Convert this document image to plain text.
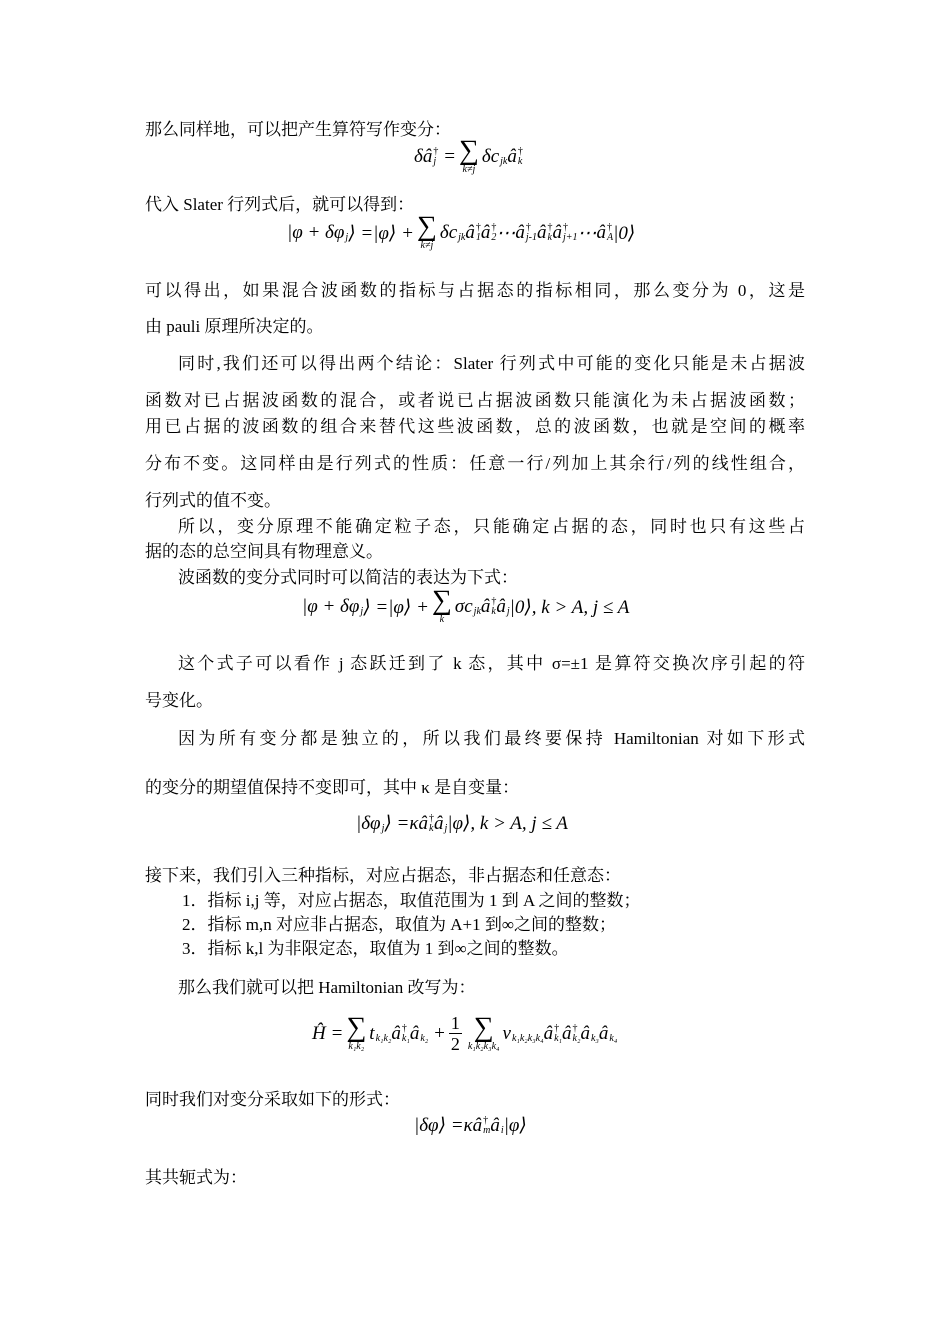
那么同样地，可以把产生算符写作变分：
δâ †
j = ∑
k≠j
δc
jk â †
k
代入 Slater 行列式后，就可以得到：
|φ + δφ
j ⟩ =|φ⟩ + ∑
k≠j
δc
jk â †
1 â †
2 ⋯ â †
j-1 â †
k â †
j+1 ⋯ â †
A |0⟩
可以得出，如果混合波函数的指标与占据态的指标相同，那么变分为 0，这是
由 pauli 原理所决定的。
同时,我们还可以得出两个结论：Slater 行列式中可能的变化只能是未占据波
函数对已占据波函数的混合，或者说已占据波函数只能演化为未占据波函数；
用已占据的波函数的组合来替代这些波函数，总的波函数，也就是空间的概率
分布不变。这同样由是行列式的性质：任意一行/列加上其余行/列的线性组合，
行列式的值不变。
所以，变分原理不能确定粒子态，只能确定占据的态，同时也只有这些占
据的态的总空间具有物理意义。
波函数的变分式同时可以简洁的表达为下式：
|φ + δφ
j ⟩ =|φ⟩ + ∑
k
σc
jk â †
k â
j |0⟩, k > A, j ≤ A
这个式子可以看作 j 态跃迁到了 k 态，其中 σ=±1 是算符交换次序引起的符
号变化。
因为所有变分都是独立的，所以我们最终要保持 Hamiltonian 对如下形式
的变分的期望值保持不变即可，其中 κ 是自变量：
|δφ
j ⟩ =κâ †
k â
j |φ⟩, k > A, j ≤ A
接下来，我们引入三种指标，对应占据态，非占据态和任意态：
1．指标 i,j 等，对应占据态，取值范围为 1 到 A 之间的整数；
2．指标 m,n 对应非占据态，取值为 A+1 到∞之间的整数；
3．指标 k,l 为非限定态，取值为 1 到∞之间的整数。
那么我们就可以把 Hamiltonian 改写为：
Ĥ = ∑
k₁k₂
t
k₁k₂ â †
k₁ â
$k_2 + \frac{1}{2}$ ∑
k₁k₂k₃k₄
v
k₁k₂k₃k₄ â †
k₁ â †
k₂ â
k₃ â
k₄
同时我们对变分采取如下的形式：
|δφ⟩ =κâ †
m â
i |φ⟩
其共轭式为：
